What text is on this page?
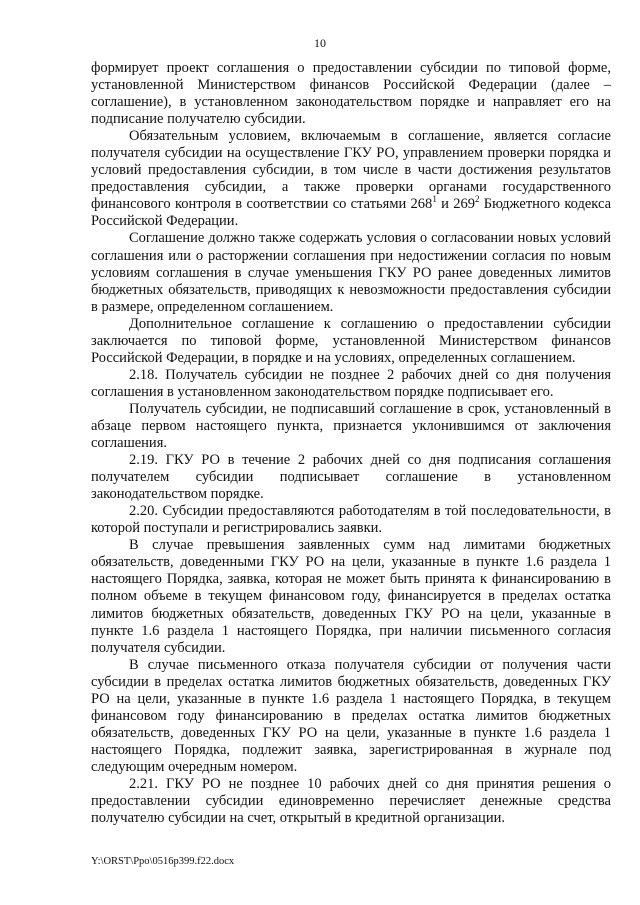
10

формирует проект соглашения о предоставлении субсидии по типовой форме, установленной Министерством финансов Российской Федерации (далее – соглашение), в установленном законодательством порядке и направляет его на подписание получателю субсидии.

Обязательным условием, включаемым в соглашение, является согласие получателя субсидии на осуществление ГКУ РО, управлением проверки порядка и условий предоставления субсидии, в том числе в части достижения результатов предоставления субсидии, а также проверки органами государственного финансового контроля в соответствии со статьями $268^1$ и $269^2$ Бюджетного кодекса Российской Федерации.

Соглашение должно также содержать условия о согласовании новых условий соглашения или о расторжении соглашения при недостижении согласия по новым условиям соглашения в случае уменьшения ГКУ РО ранее доведенных лимитов бюджетных обязательств, приводящих к невозможности предоставления субсидии в размере, определенном соглашением.

Дополнительное соглашение к соглашению о предоставлении субсидии заключается по типовой форме, установленной Министерством финансов Российской Федерации, в порядке и на условиях, определенных соглашением.

2.18. Получатель субсидии не позднее 2 рабочих дней со дня получения соглашения в установленном законодательством порядке подписывает его.

Получатель субсидии, не подписавший соглашение в срок, установленный в абзаце первом настоящего пункта, признается уклонившимся от заключения соглашения.

2.19. ГКУ РО в течение 2 рабочих дней со дня подписания соглашения получателем субсидии подписывает соглашение в установленном законодательством порядке.

2.20. Субсидии предоставляются работодателям в той последовательности, в которой поступали и регистрировались заявки.

В случае превышения заявленных сумм над лимитами бюджетных обязательств, доведенными ГКУ РО на цели, указанные в пункте 1.6 раздела 1 настоящего Порядка, заявка, которая не может быть принята к финансированию в полном объеме в текущем финансовом году, финансируется в пределах остатка лимитов бюджетных обязательств, доведенных ГКУ РО на цели, указанные в пункте 1.6 раздела 1 настоящего Порядка, при наличии письменного согласия получателя субсидии.

В случае письменного отказа получателя субсидии от получения части субсидии в пределах остатка лимитов бюджетных обязательств, доведенных ГКУ РО на цели, указанные в пункте 1.6 раздела 1 настоящего Порядка, в текущем финансовом году финансированию в пределах остатка лимитов бюджетных обязательств, доведенных ГКУ РО на цели, указанные в пункте 1.6 раздела 1 настоящего Порядка, подлежит заявка, зарегистрированная в журнале под следующим очередным номером.

2.21. ГКУ РО не позднее 10 рабочих дней со дня принятия решения о предоставлении субсидии единовременно перечисляет денежные средства получателю субсидии на счет, открытый в кредитной организации.

Y:\ORST\Ppo\0516p399.f22.docx
